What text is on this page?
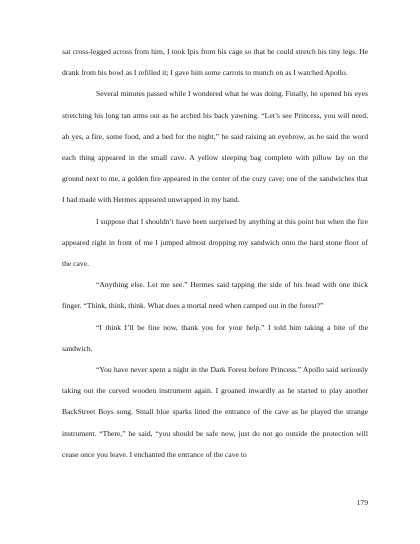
sat cross-legged across from him, I took Ipis from his cage so that he could stretch his tiny legs. He drank from his bowl as I refilled it; I gave him some carrots to munch on as I watched Apollo.

Several minutes passed while I wondered what he was doing. Finally, he opened his eyes stretching his long tan arms out as he arched his back yawning. “Let’s see Princess, you will need, ah yes, a fire, some food, and a bed for the night,” he said raising an eyebrow, as he said the word each thing appeared in the small cave. A yellow sleeping bag complete with pillow lay on the ground next to me, a golden fire appeared in the center of the cozy cave; one of the sandwiches that I had made with Hermes appeared unwrapped in my hand.

I suppose that I shouldn’t have been surprised by anything at this point but when the fire appeared right in front of me I jumped almost dropping my sandwich onto the hard stone floor of the cave.

“Anything else. Let me see.” Hermes said tapping the side of his head with one thick finger. “Think, think, think. What does a mortal need when camped out in the forest?”

“I think I’ll be fine now, thank you for your help.” I told him taking a bite of the sandwich.

“You have never spent a night in the Dark Forest before Princess.” Apollo said seriously taking out the curved wooden instrument again. I groaned inwardly as he started to play another BackStreet Boys song. Small blue sparks lined the entrance of the cave as he played the strange instrument. “There,” he said, “you should be safe now, just do not go outside the protection will cease once you leave. I enchanted the entrance of the cave to

179
